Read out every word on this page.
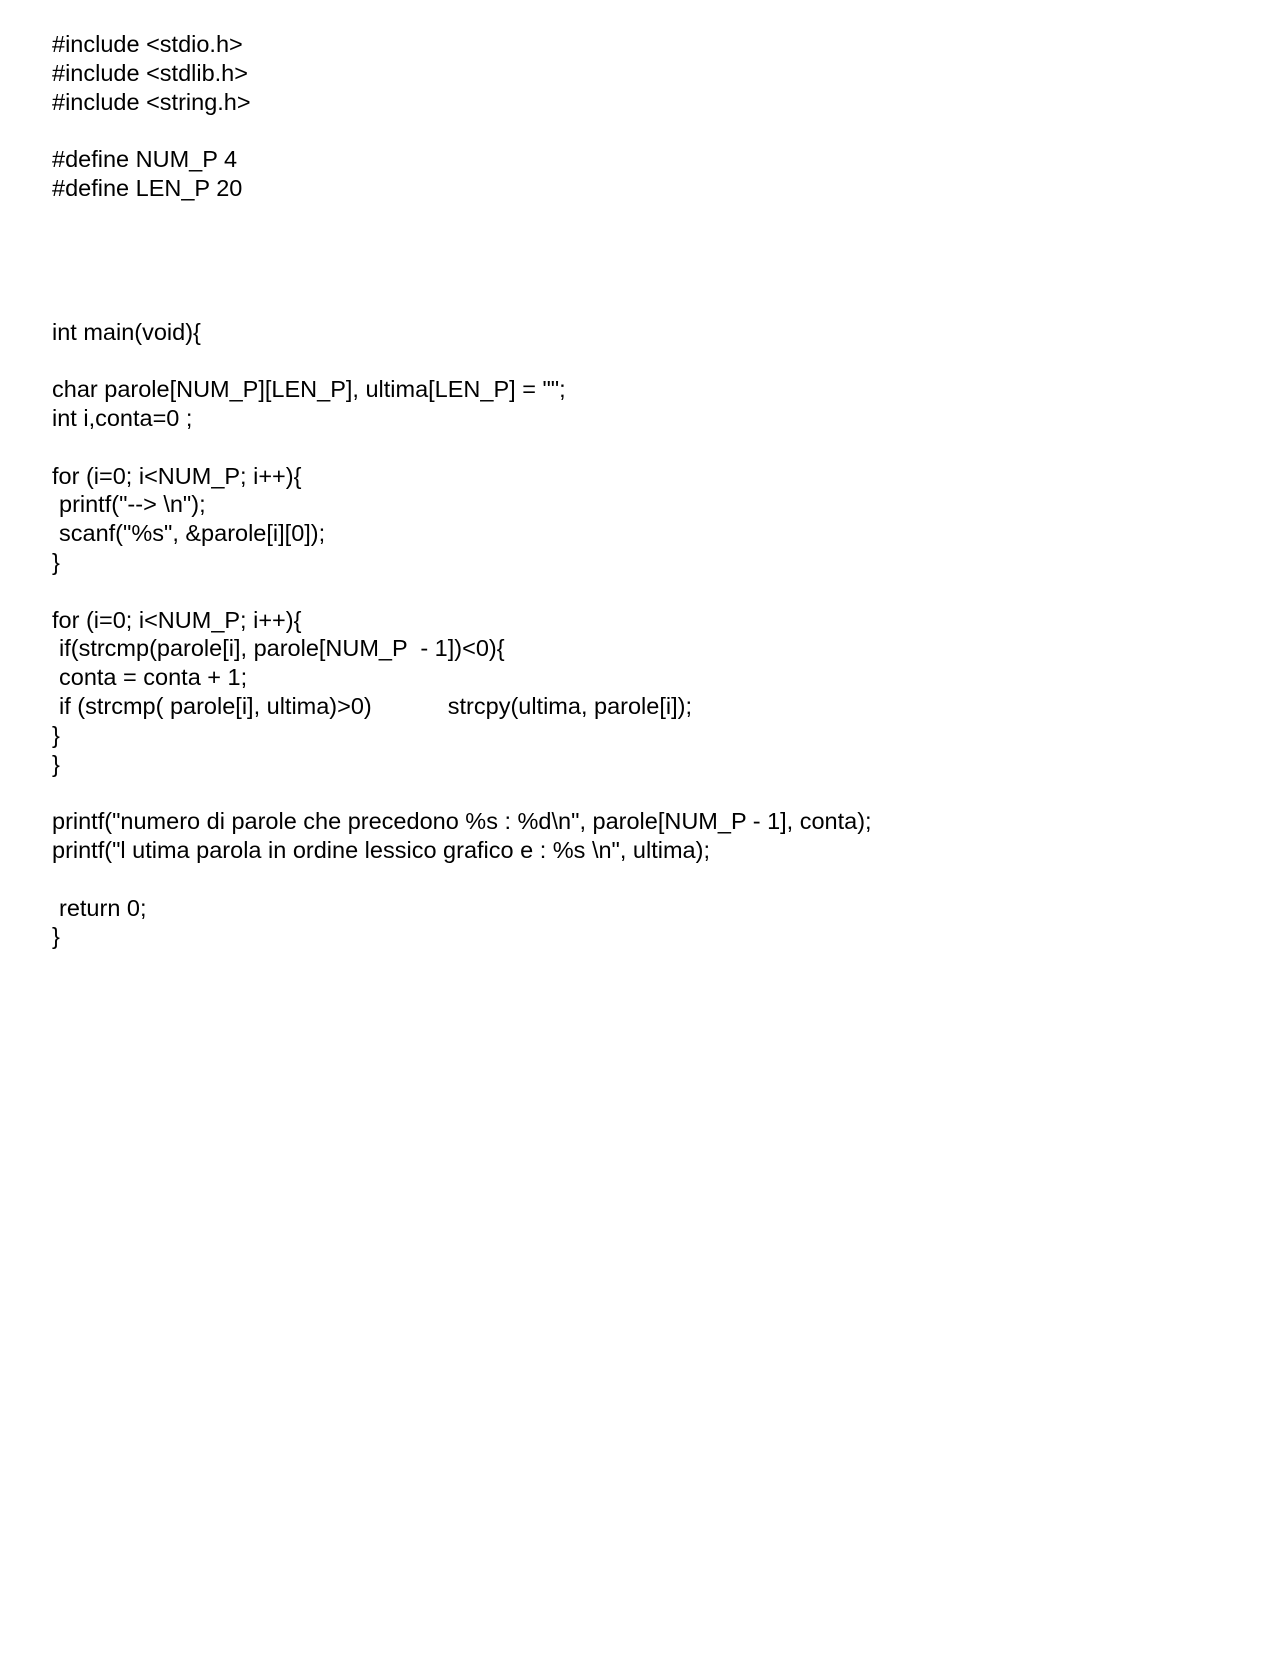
#include <stdio.h>
#include <stdlib.h>
#include <string.h>
#define NUM_P 4
#define LEN_P 20
int main(void){
char parole[NUM_P][LEN_P], ultima[LEN_P] = "";
int i,conta=0 ;
for (i=0; i<NUM_P; i++){
printf("--> \n");
scanf("%s", &parole[i][0]);
}
for (i=0; i<NUM_P; i++){
if(strcmp(parole[i], parole[NUM_P  - 1])<0){
conta = conta + 1;
if (strcmp( parole[i], ultima)>0)	strcpy(ultima, parole[i]);
}
}
printf("numero di parole che precedono %s : %d\n", parole[NUM_P - 1], conta);
printf("l utima parola in ordine lessico grafico e : %s \n", ultima);
return 0;
}
